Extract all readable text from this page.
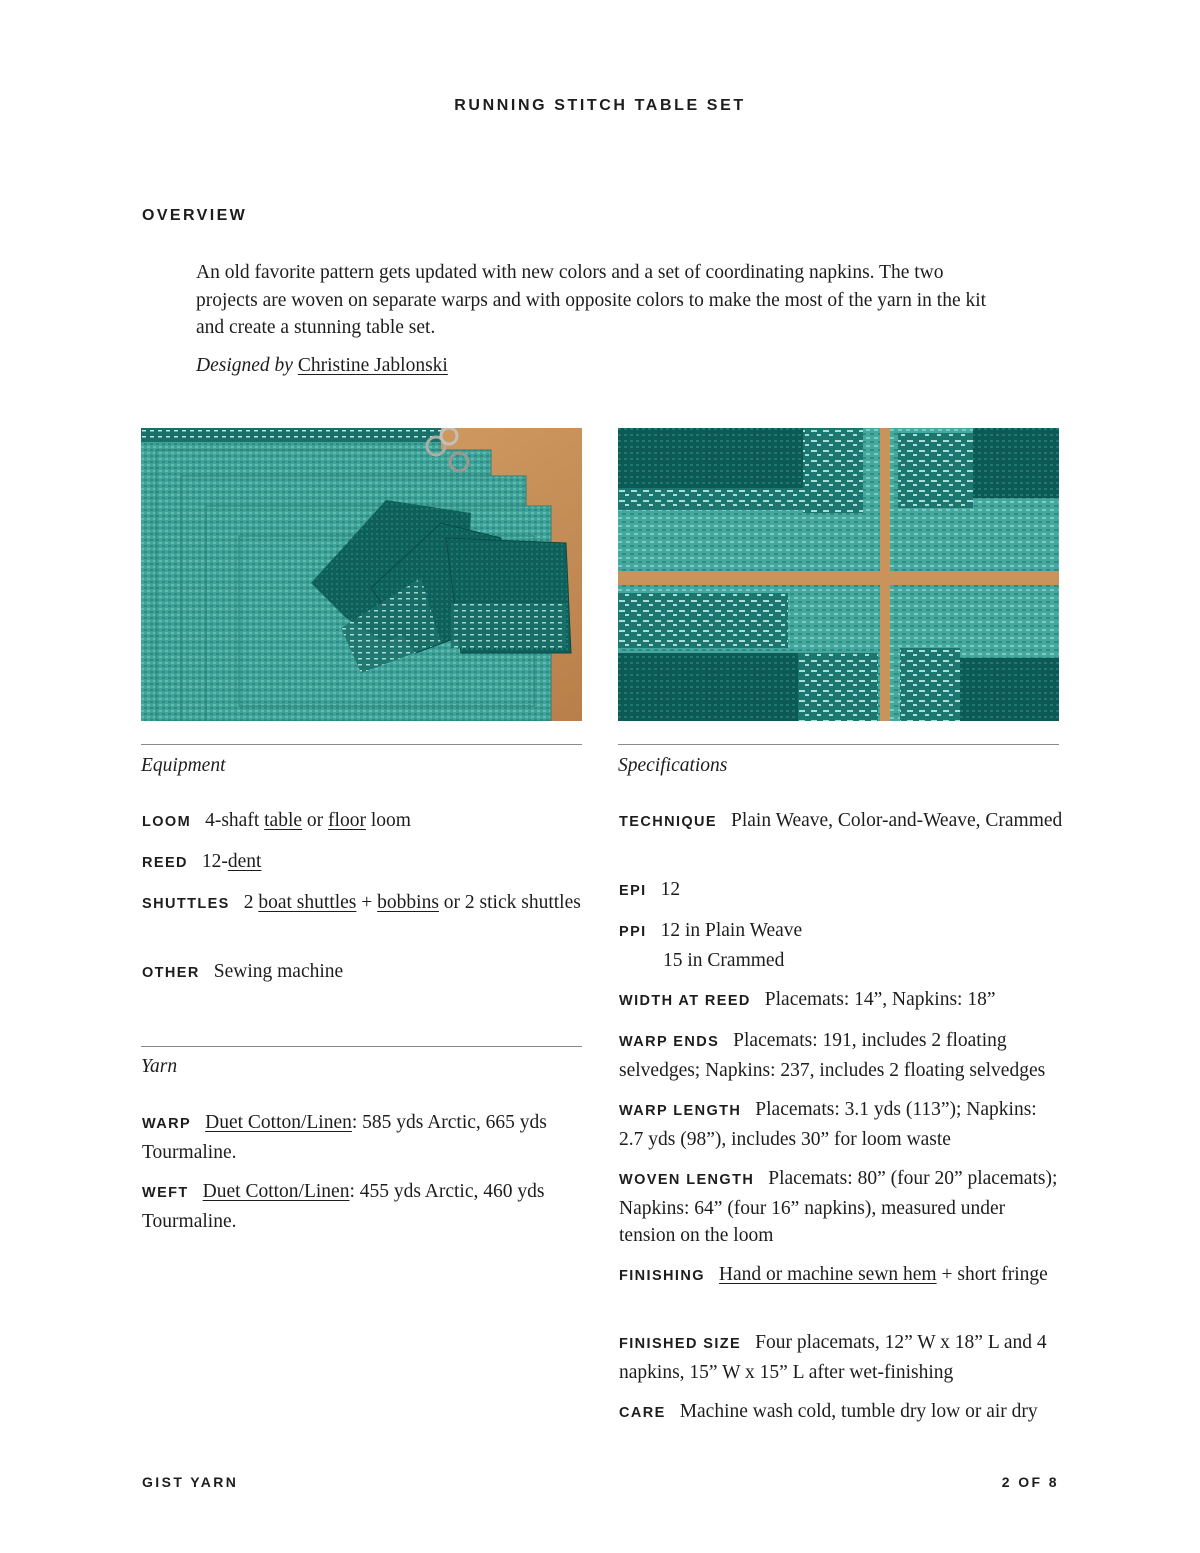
RUNNING STITCH TABLE SET
OVERVIEW

An old favorite pattern gets updated with new colors and a set of coordinating napkins. The two projects are woven on separate warps and with opposite colors to make the most of the yarn in the kit and create a stunning table set.

Designed by Christine Jablonski
Equipment
LOOM 4-shaft table or floor loom
REED 12-dent
SHUTTLES 2 boat shuttles + bobbins or 2 stick shuttles
OTHER Sewing machine
Yarn
WARP Duet Cotton/Linen: 585 yds Arctic, 665 yds Tourmaline.
WEFT Duet Cotton/Linen: 455 yds Arctic, 460 yds Tourmaline.
Specifications
TECHNIQUE Plain Weave, Color-and-Weave, Crammed
EPI 12
PPI 12 in Plain Weave
15 in Crammed
WIDTH AT REED Placemats: 14”, Napkins: 18”
WARP ENDS Placemats: 191, includes 2 floating selvedges; Napkins: 237, includes 2 floating selvedges
WARP LENGTH Placemats: 3.1 yds (113”); Napkins: 2.7 yds (98”), includes 30” for loom waste
WOVEN LENGTH Placemats: 80” (four 20” placemats); Napkins: 64” (four 16” napkins), measured under tension on the loom
FINISHING Hand or machine sewn hem + short fringe
FINISHED SIZE Four placemats, 12” W x 18” L and 4 napkins, 15” W x 15” L after wet-finishing
CARE Machine wash cold, tumble dry low or air dry
GIST YARN	2 OF 8
